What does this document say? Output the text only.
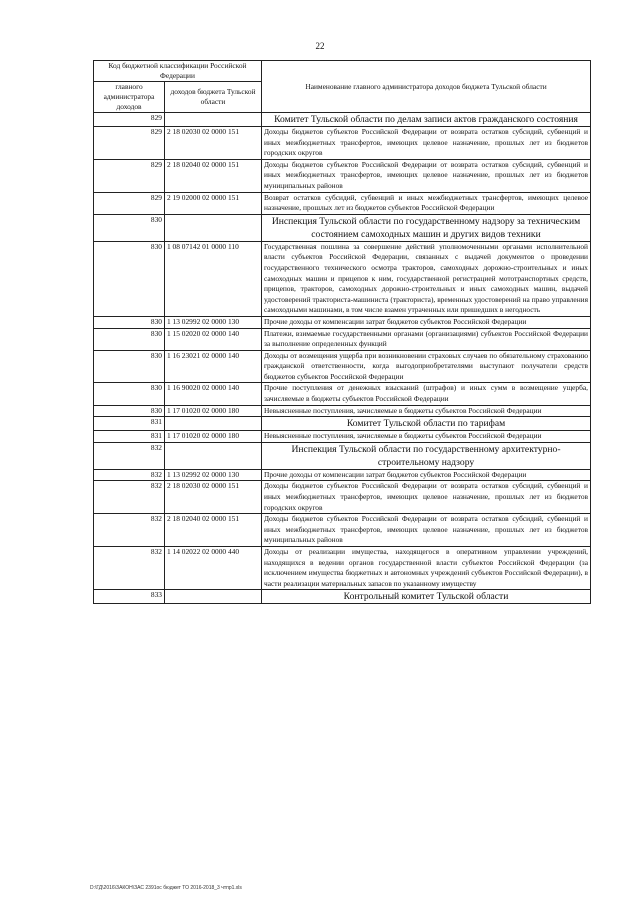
22
Код бюджетной классификации Российской Федерации		Наименование главного администратора доходов бюджета Тульской области
главного администратора доходов	доходов бюджета Тульской области	
829		Комитет Тульской области по делам записи актов гражданского состояния
829	2 18 02030 02 0000 151	Доходы бюджетов субъектов Российской Федерации от возврата остатков субсидий, субвенций и иных межбюджетных трансфертов, имеющих целевое назначение, прошлых лет из бюджетов городских округов
829	2 18 02040 02 0000 151	Доходы бюджетов субъектов Российской Федерации от возврата остатков субсидий, субвенций и иных межбюджетных трансфертов, имеющих целевое назначение, прошлых лет из бюджетов муниципальных районов
829	2 19 02000 02 0000 151	Возврат остатков субсидий, субвенций и иных межбюджетных трансфертов, имеющих целевое назначение, прошлых лет из бюджетов субъектов Российской Федерации
830		Инспекция Тульской области по государственному надзору за техническим состоянием самоходных машин и других видов техники
830	1 08 07142 01 0000 110	Государственная пошлина за совершение действий уполномоченными органами исполнительной власти субъектов Российской Федерации, связанных с выдачей документов о проведении государственного технического осмотра тракторов, самоходных дорожно-строительных и иных самоходных машин и прицепов к ним, государственной регистрацией мототранспортных средств, прицепов, тракторов, самоходных дорожно-строительных и иных самоходных машин, выдачей удостоверений тракториста-машиниста (тракториста), временных удостоверений на право управления самоходными машинами, в том числе взамен утраченных или пришедших в негодность
830	1 13 02992 02 0000 130	Прочие доходы от компенсации затрат бюджетов субъектов Российской Федерации
830	1 15 02020 02 0000 140	Платежи, взимаемые государственными органами (организациями) субъектов Российской Федерации за выполнение определенных функций
830	1 16 23021 02 0000 140	Доходы от возмещения ущерба при возникновении страховых случаев по обязательному страхованию гражданской ответственности, когда выгодоприобретателями выступают получатели средств бюджетов субъектов Российской Федерации
830	1 16 90020 02 0000 140	Прочие поступления от денежных взысканий (штрафов) и иных сумм в возмещение ущерба, зачисляемые в бюджеты субъектов Российской Федерации
830	1 17 01020 02 0000 180	Невыясненные поступления, зачисляемые в бюджеты субъектов Российской Федерации
831		Комитет Тульской области по тарифам
831	1 17 01020 02 0000 180	Невыясненные поступления, зачисляемые в бюджеты субъектов Российской Федерации
832		Инспекция Тульской области по государственному архитектурно-строительному надзору
832	1 13 02992 02 0000 130	Прочие доходы от компенсации затрат бюджетов субъектов Российской Федерации
832	2 18 02030 02 0000 151	Доходы бюджетов субъектов Российской Федерации от возврата остатков субсидий, субвенций и иных межбюджетных трансфертов, имеющих целевое назначение, прошлых лет из бюджетов городских округов
832	2 18 02040 02 0000 151	Доходы бюджетов субъектов Российской Федерации от возврата остатков субсидий, субвенций и иных межбюджетных трансфертов, имеющих целевое назначение, прошлых лет из бюджетов муниципальных районов
832	1 14 02022 02 0000 440	Доходы от реализации имущества, находящегося в оперативном управлении учреждений, находящихся в ведении органов государственной власти субъектов Российской Федерации (за исключением имущества бюджетных и автономных учреждений субъектов Российской Федерации), в части реализации материальных запасов по указанному имуществу
833		Контрольный комитет Тульской области
D:\ГД\2016\ЗАКОН\ЗАС 2391ос бюджет ТО 2016-2018_3 чтпр1.xls
